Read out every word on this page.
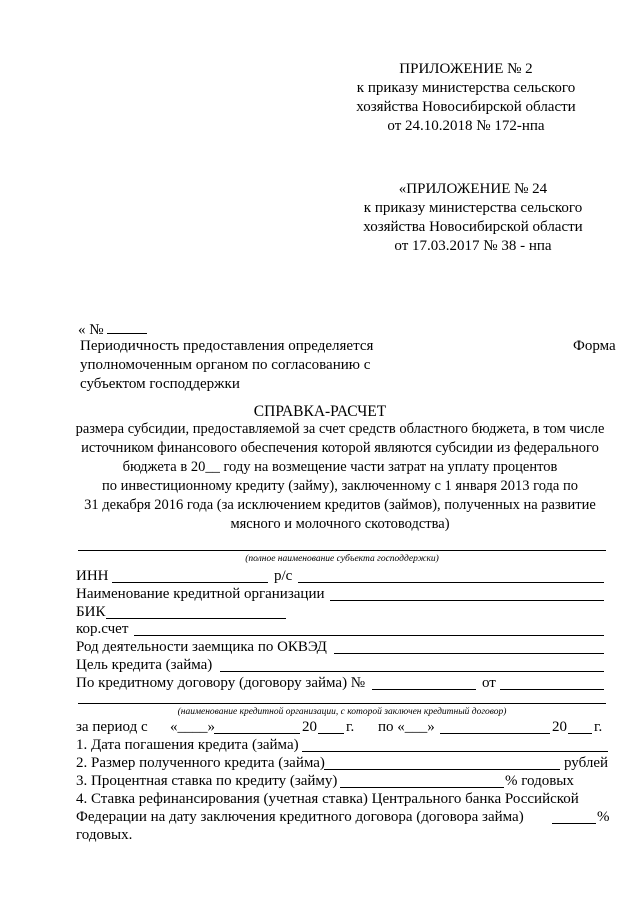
ПРИЛОЖЕНИЕ № 2
к приказу министерства сельского
хозяйства Новосибирской области
от 24.10.2018 № 172-нпа
«ПРИЛОЖЕНИЕ № 24
к приказу министерства сельского
хозяйства Новосибирской области
от 17.03.2017 № 38 - нпа
« №
Периодичность предоставления определяется
уполномоченным органом по согласованию с
субъектом господдержки
Форма
СПРАВКА-РАСЧЕТ
размера субсидии, предоставляемой за счет средств областного бюджета, в том числе
источником финансового обеспечения которой являются субсидии из федерального
бюджета в 20__ году на возмещение части затрат на уплату процентов
по инвестиционному кредиту (займу), заключенному с 1 января 2013 года по
31 декабря 2016 года (за исключением кредитов (займов), полученных на развитие
мясного и молочного скотоводства)
(полное наименование субъекта господдержки)
ИНН	р/с
Наименование кредитной организации
БИК
кор.счет
Род деятельности заемщика по ОКВЭД
Цель кредита (займа)
По кредитному договору (договору займа) №	от
(наименование кредитной организации, с которой заключен кредитный договор)
за период с «____»	20 г. по «___»	20 г.
1. Дата погашения кредита (займа)
2. Размер полученного кредита (займа)	рублей
3. Процентная ставка по кредиту (займу)	% годовых
4. Ставка рефинансирования (учетная ставка) Центрального банка Российской
Федерации на дату заключения кредитного договора (договора займа)	%
годовых.
